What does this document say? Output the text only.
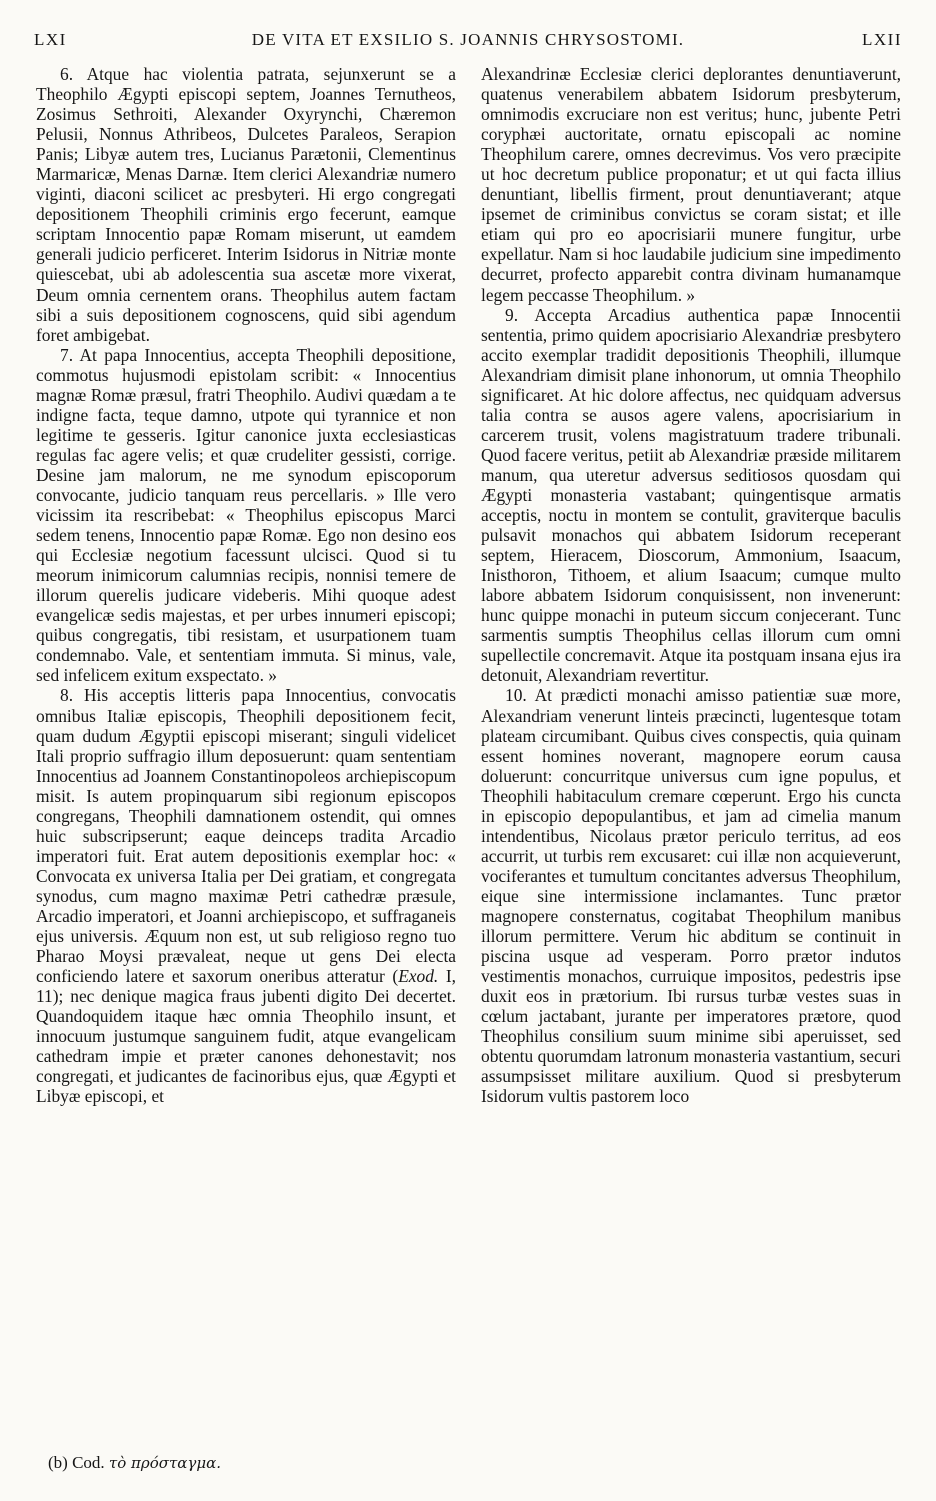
LXI	DE VITA ET EXSILIO S. JOANNIS CHRYSOSTOMI.	LXII

6. Atque hac violentia patrata, sejunxerunt se a Theophilo Ægypti episcopi septem, Joannes Ternutheos, Zosimus Sethroiti, Alexander Oxyrynchi, Chæremon Pelusii, Nonnus Athribeos, Dulcetes Paraleos, Serapion Panis; Libyæ autem tres, Lucianus Parætonii, Clementinus Marmaricæ, Menas Darnæ. Item clerici Alexandriæ numero viginti, diaconi scilicet ac presbyteri. Hi ergo congregati depositionem Theophili criminis ergo fecerunt, eamque scriptam Innocentio papæ Romam miserunt, ut eamdem generali judicio perficeret. Interim Isidorus in Nitriæ monte quiescebat, ubi ab adolescentia sua ascetæ more vixerat, Deum omnia cernentem orans. Theophilus autem factam sibi a suis depositionem cognoscens, quid sibi agendum foret ambigebat.

7. At papa Innocentius, accepta Theophili depositione, commotus hujusmodi epistolam scribit: « Innocentius magnæ Romæ præsul, fratri Theophilo. Audivi quædam a te indigne facta, teque damno, utpote qui tyrannice et non legitime te gesseris. Igitur canonice juxta ecclesiasticas regulas fac agere velis; et quæ crudeliter gessisti, corrige. Desine jam malorum, ne me synodum episcoporum convocante, judicio tanquam reus percellaris. » Ille vero vicissim ita rescribebat: « Theophilus episcopus Marci sedem tenens, Innocentio papæ Romæ. Ego non desino eos qui Ecclesiæ negotium facessunt ulcisci. Quod si tu meorum inimicorum calumnias recipis, nonnisi temere de illorum querelis judicare videberis. Mihi quoque adest evangelicæ sedis majestas, et per urbes innumeri episcopi; quibus congregatis, tibi resistam, et usurpationem tuam condemnabo. Vale, et sententiam immuta. Si minus, vale, sed infelicem exitum exspectato. »

8. His acceptis litteris papa Innocentius, convocatis omnibus Italiæ episcopis, Theophili depositionem fecit, quam dudum Ægyptii episcopi miserant; singuli videlicet Itali proprio suffragio illum deposuerunt: quam sententiam Innocentius ad Joannem Constantinopoleos archiepiscopum misit. Is autem propinquarum sibi regionum episcopos congregans, Theophili damnationem ostendit, qui omnes huic subscripserunt; eaque deinceps tradita Arcadio imperatori fuit. Erat autem depositionis exemplar hoc: « Convocata ex universa Italia per Dei gratiam, et congregata synodus, cum magno maximæ Petri cathedræ præsule, Arcadio imperatori, et Joanni archiepiscopo, et suffraganeis ejus universis. Æquum non est, ut sub religioso regno tuo Pharao Moysi prævaleat, neque ut gens Dei electa conficiendo latere et saxorum oneribus atteratur (Exod. I, 11); nec denique magica fraus jubenti digito Dei decertet. Quandoquidem itaque hæc omnia Theophilo insunt, et innocuum justumque sanguinem fudit, atque evangelicam cathedram impie et præter canones dehonestavit; nos congregati, et judicantes de facinoribus ejus, quæ Ægypti et Libyæ episcopi, et

Alexandrinæ Ecclesiæ clerici deplorantes denuntiaverunt, quatenus venerabilem abbatem Isidorum presbyterum, omnimodis excruciare non est veritus; hunc, jubente Petri coryphæi auctoritate, ornatu episcopali ac nomine Theophilum carere, omnes decrevimus. Vos vero præcipite ut hoc decretum publice proponatur; et ut qui facta illius denuntiant, libellis firment, prout denuntiaverant; atque ipsemet de criminibus convictus se coram sistat; et ille etiam qui pro eo apocrisiarii munere fungitur, urbe expellatur. Nam si hoc laudabile judicium sine impedimento decurret, profecto apparebit contra divinam humanamque legem peccasse Theophilum. »

9. Accepta Arcadius authentica papæ Innocentii sententia, primo quidem apocrisiario Alexandriæ presbytero accito exemplar tradidit depositionis Theophili, illumque Alexandriam dimisit plane inhonorum, ut omnia Theophilo significaret. At hic dolore affectus, nec quidquam adversus talia contra se ausos agere valens, apocrisiarium in carcerem trusit, volens magistratuum tradere tribunali. Quod facere veritus, petiit ab Alexandriæ præside militarem manum, qua uteretur adversus seditiosos quosdam qui Ægypti monasteria vastabant; quingentisque armatis acceptis, noctu in montem se contulit, graviterque baculis pulsavit monachos qui abbatem Isidorum receperant septem, Hieracem, Dioscorum, Ammonium, Isaacum, Inisthoron, Tithoem, et alium Isaacum; cumque multo labore abbatem Isidorum conquisissent, non invenerunt: hunc quippe monachi in puteum siccum conjecerant. Tunc sarmentis sumptis Theophilus cellas illorum cum omni supellectile concremavit. Atque ita postquam insana ejus ira detonuit, Alexandriam revertitur.

10. At prædicti monachi amisso patientiæ suæ more, Alexandriam venerunt linteis præcincti, lugentesque totam plateam circumibant. Quibus cives conspectis, quia quinam essent homines noverant, magnopere eorum causa doluerunt: concurritque universus cum igne populus, et Theophili habitaculum cremare cœperunt. Ergo his cuncta in episcopio depopulantibus, et jam ad cimelia manum intendentibus, Nicolaus prætor periculo territus, ad eos accurrit, ut turbis rem excusaret: cui illæ non acquieverunt, vociferantes et tumultum concitantes adversus Theophilum, eique sine intermissione inclamantes. Tunc prætor magnopere consternatus, cogitabat Theophilum manibus illorum permittere. Verum hic abditum se continuit in piscina usque ad vesperam. Porro prætor indutos vestimentis monachos, curruique impositos, pedestris ipse duxit eos in prætorium. Ibi rursus turbæ vestes suas in cœlum jactabant, jurante per imperatores prætore, quod Theophilus consilium suum minime sibi aperuisset, sed obtentu quorumdam latronum monasteria vastantium, securi assumpsisset militare auxilium. Quod si presbyterum Isidorum vultis pastorem loco

(b) Cod. τὸ πρόσταγμα.
